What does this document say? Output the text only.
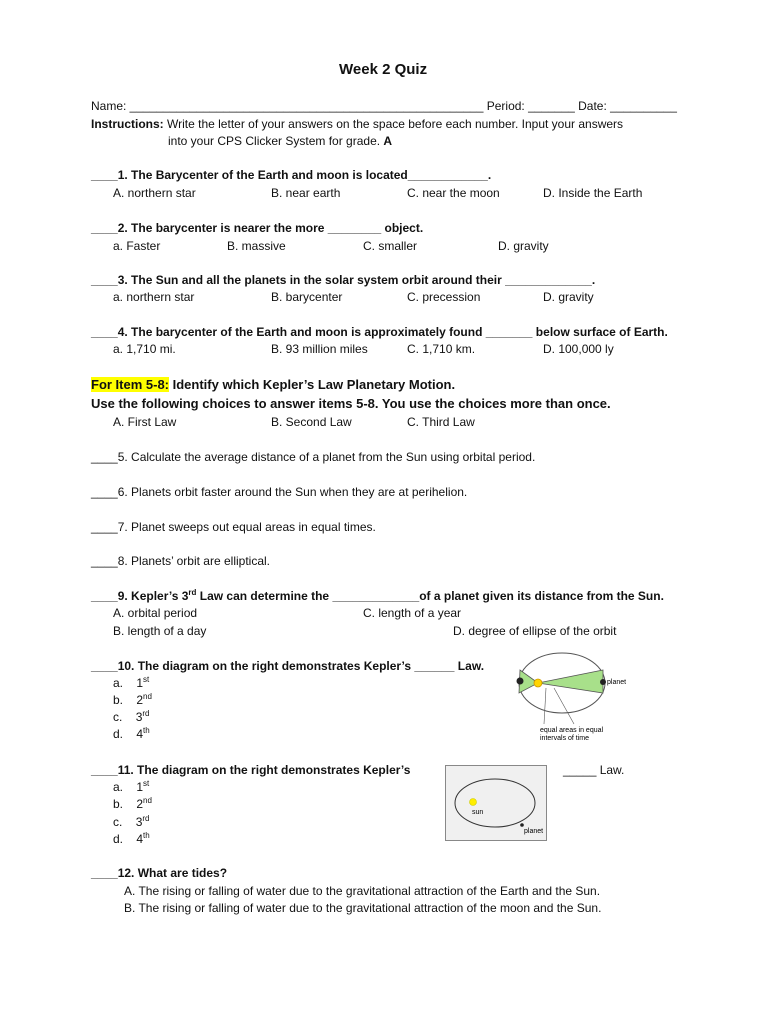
Week 2 Quiz
Name: _____________________________________________________ Period: _______ Date: __________
Instructions: Write the letter of your answers on the space before each number. Input your answers
into your CPS Clicker System for grade. A
____1. The Barycenter of the Earth and moon is located____________.
A. northern star	B. near earth	C. near the moon	D. Inside the Earth
____2. The barycenter is nearer the more ________ object.
a. Faster	B. massive	C. smaller	D. gravity
____3. The Sun and all the planets in the solar system orbit around their _____________.
a. northern star	B. barycenter	C. precession	D. gravity
____4. The barycenter of the Earth and moon is approximately found _______ below surface of Earth.
a. 1,710 mi.	B. 93 million miles	C. 1,710 km.	D. 100,000 ly
For Item 5-8: Identify which Kepler’s Law Planetary Motion.
Use the following choices to answer items 5-8. You use the choices more than once.
A. First Law	B. Second Law	C. Third Law
____5. Calculate the average distance of a planet from the Sun using orbital period.
____6. Planets orbit faster around the Sun when they are at perihelion.
____7. Planet sweeps out equal areas in equal times.
____8. Planets’ orbit are elliptical.
____9. Kepler’s 3rd Law can determine the _____________of a planet given its distance from the Sun.
A. orbital period	C. length of a year
B. length of a day	D. degree of ellipse of the orbit
____10. The diagram on the right demonstrates Kepler’s ______ Law.
a. 1st
b. 2nd
c. 3rd
d. 4th
planet
equal areas in equal
intervals of time
____11. The diagram on the right demonstrates Kepler’s	_____ Law.
a. 1st
b. 2nd
c. 3rd
d. 4th
sun
planet
____12. What are tides?
A. The rising or falling of water due to the gravitational attraction of the Earth and the Sun.
B. The rising or falling of water due to the gravitational attraction of the moon and the Sun.
